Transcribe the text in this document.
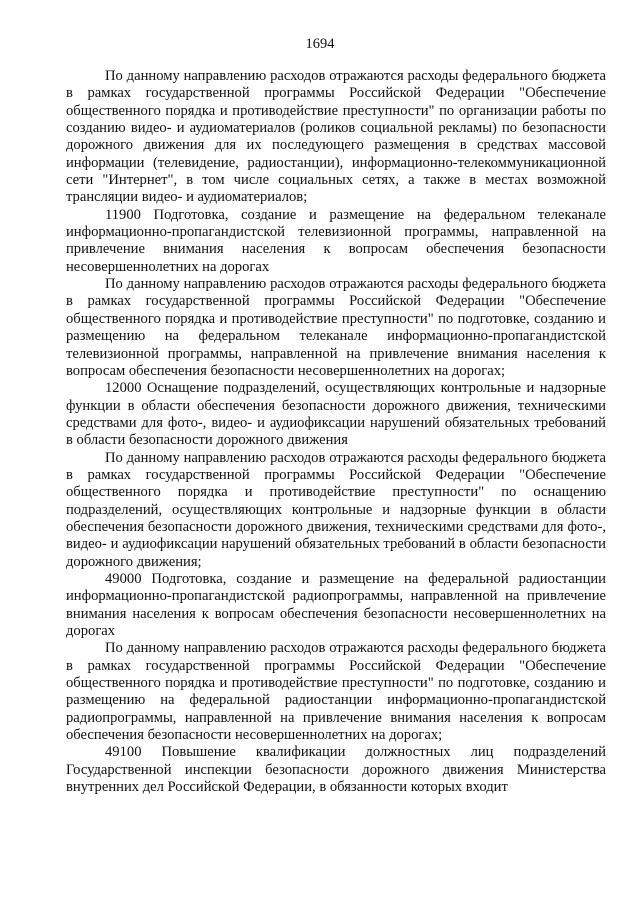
1694

По данному направлению расходов отражаются расходы федерального бюджета в рамках государственной программы Российской Федерации "Обеспечение общественного порядка и противодействие преступности" по организации работы по созданию видео- и аудиоматериалов (роликов социальной рекламы) по безопасности дорожного движения для их последующего размещения в средствах массовой информации (телевидение, радиостанции), информационно-телекоммуникационной сети "Интернет", в том числе социальных сетях, а также в местах возможной трансляции видео- и аудиоматериалов;

11900 Подготовка, создание и размещение на федеральном телеканале информационно-пропагандистской телевизионной программы, направленной на привлечение внимания населения к вопросам обеспечения безопасности несовершеннолетних на дорогах

По данному направлению расходов отражаются расходы федерального бюджета в рамках государственной программы Российской Федерации "Обеспечение общественного порядка и противодействие преступности" по подготовке, созданию и размещению на федеральном телеканале информационно-пропагандистской телевизионной программы, направленной на привлечение внимания населения к вопросам обеспечения безопасности несовершеннолетних на дорогах;

12000 Оснащение подразделений, осуществляющих контрольные и надзорные функции в области обеспечения безопасности дорожного движения, техническими средствами для фото-, видео- и аудиофиксации нарушений обязательных требований в области безопасности дорожного движения

По данному направлению расходов отражаются расходы федерального бюджета в рамках государственной программы Российской Федерации "Обеспечение общественного порядка и противодействие преступности" по оснащению подразделений, осуществляющих контрольные и надзорные функции в области обеспечения безопасности дорожного движения, техническими средствами для фото-, видео- и аудиофиксации нарушений обязательных требований в области безопасности дорожного движения;

49000 Подготовка, создание и размещение на федеральной радиостанции информационно-пропагандистской радиопрограммы, направленной на привлечение внимания населения к вопросам обеспечения безопасности несовершеннолетних на дорогах

По данному направлению расходов отражаются расходы федерального бюджета в рамках государственной программы Российской Федерации "Обеспечение общественного порядка и противодействие преступности" по подготовке, созданию и размещению на федеральной радиостанции информационно-пропагандистской радиопрограммы, направленной на привлечение внимания населения к вопросам обеспечения безопасности несовершеннолетних на дорогах;

49100 Повышение квалификации должностных лиц подразделений Государственной инспекции безопасности дорожного движения Министерства внутренних дел Российской Федерации, в обязанности которых входит
